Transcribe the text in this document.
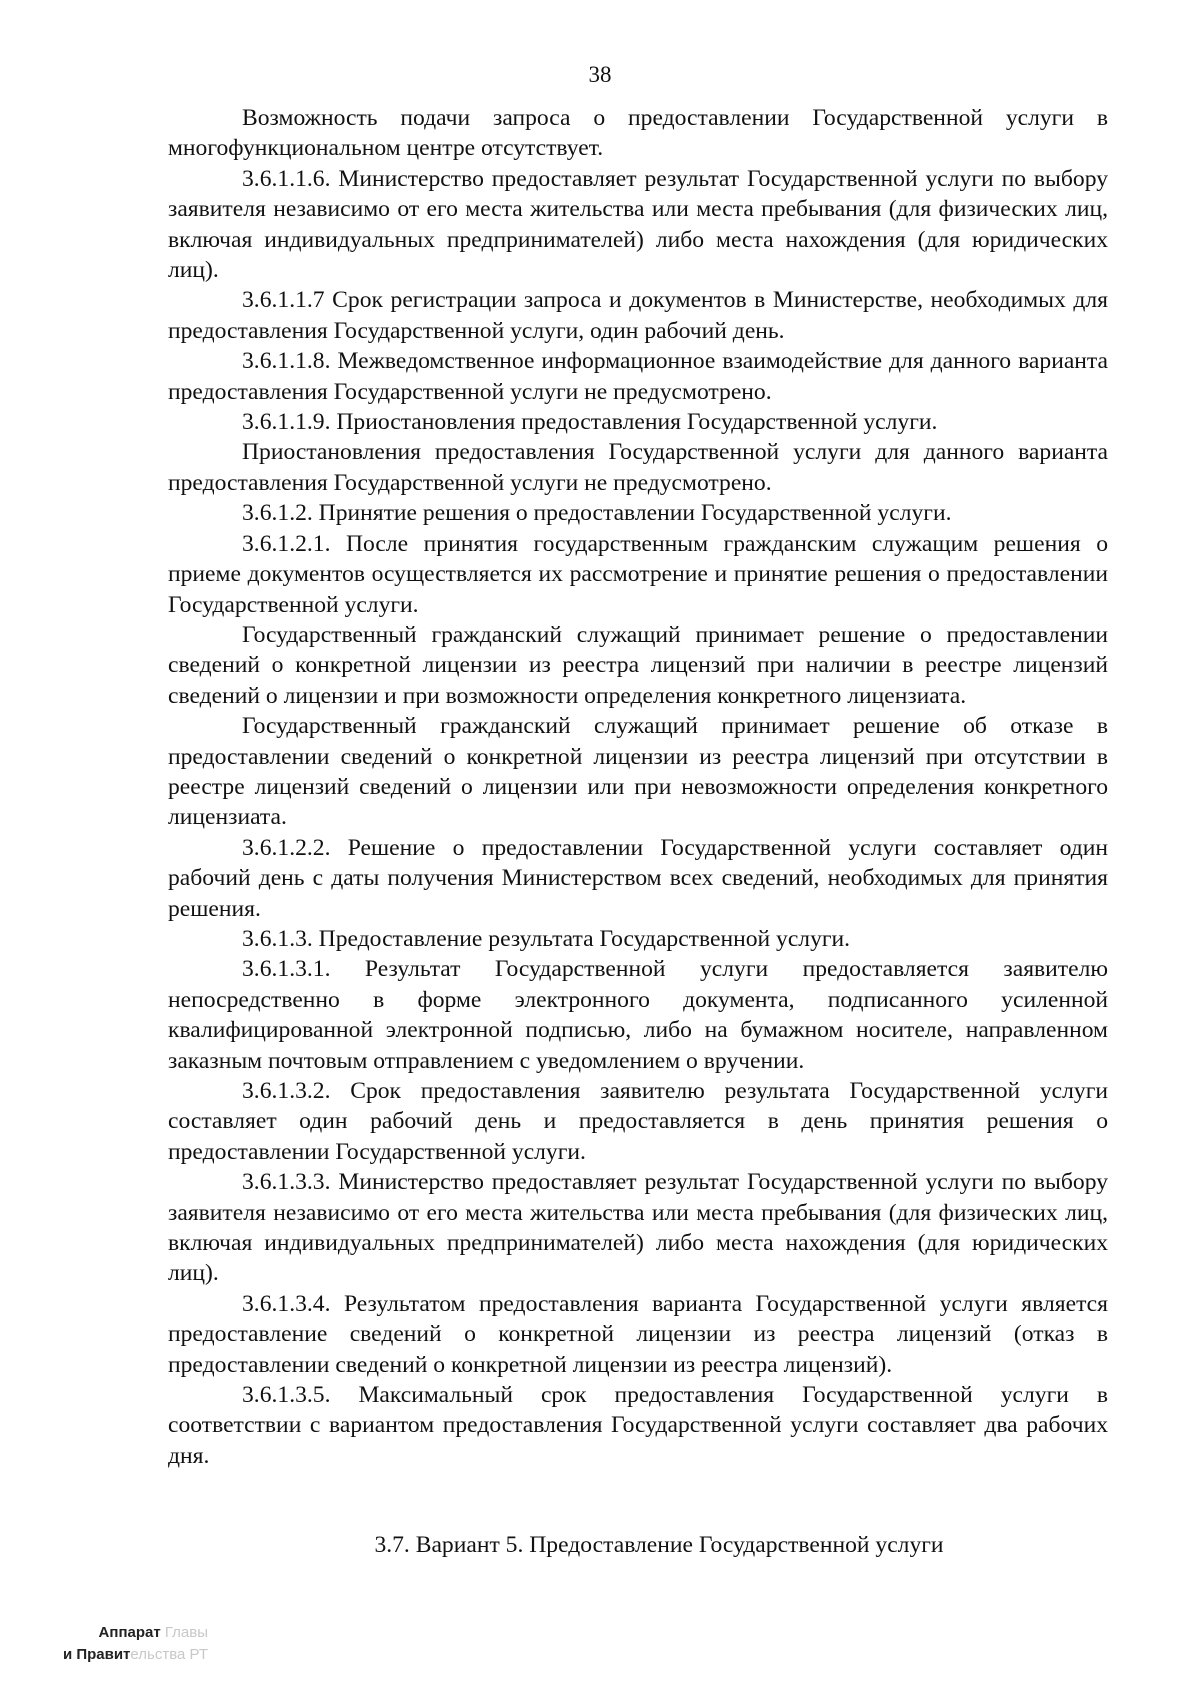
38

Возможность подачи запроса о предоставлении Государственной услуги в многофункциональном центре отсутствует.

3.6.1.1.6. Министерство предоставляет результат Государственной услуги по выбору заявителя независимо от его места жительства или места пребывания (для физических лиц, включая индивидуальных предпринимателей) либо места нахождения (для юридических лиц).

3.6.1.1.7 Срок регистрации запроса и документов в Министерстве, необходимых для предоставления Государственной услуги, один рабочий день.

3.6.1.1.8. Межведомственное информационное взаимодействие для данного варианта предоставления Государственной услуги не предусмотрено.

3.6.1.1.9. Приостановления предоставления Государственной услуги.

Приостановления предоставления Государственной услуги для данного варианта предоставления Государственной услуги не предусмотрено.

3.6.1.2. Принятие решения о предоставлении Государственной услуги.

3.6.1.2.1. После принятия государственным гражданским служащим решения о приеме документов осуществляется их рассмотрение и принятие решения о предоставлении Государственной услуги.

Государственный гражданский служащий принимает решение о предоставлении сведений о конкретной лицензии из реестра лицензий при наличии в реестре лицензий сведений о лицензии и при возможности определения конкретного лицензиата.

Государственный гражданский служащий принимает решение об отказе в предоставлении сведений о конкретной лицензии из реестра лицензий при отсутствии в реестре лицензий сведений о лицензии или при невозможности определения конкретного лицензиата.

3.6.1.2.2. Решение о предоставлении Государственной услуги составляет один рабочий день с даты получения Министерством всех сведений, необходимых для принятия решения.

3.6.1.3. Предоставление результата Государственной услуги.

3.6.1.3.1. Результат Государственной услуги предоставляется заявителю непосредственно в форме электронного документа, подписанного усиленной квалифицированной электронной подписью, либо на бумажном носителе, направленном заказным почтовым отправлением с уведомлением о вручении.

3.6.1.3.2. Срок предоставления заявителю результата Государственной услуги составляет один рабочий день и предоставляется в день принятия решения о предоставлении Государственной услуги.

3.6.1.3.3. Министерство предоставляет результат Государственной услуги по выбору заявителя независимо от его места жительства или места пребывания (для физических лиц, включая индивидуальных предпринимателей) либо места нахождения (для юридических лиц).

3.6.1.3.4. Результатом предоставления варианта Государственной услуги является предоставление сведений о конкретной лицензии из реестра лицензий (отказ в предоставлении сведений о конкретной лицензии из реестра лицензий).

3.6.1.3.5. Максимальный срок предоставления Государственной услуги в соответствии с вариантом предоставления Государственной услуги составляет два рабочих дня.

3.7. Вариант 5. Предоставление Государственной услуги
Аппарат Главы
и Правительства РТ
